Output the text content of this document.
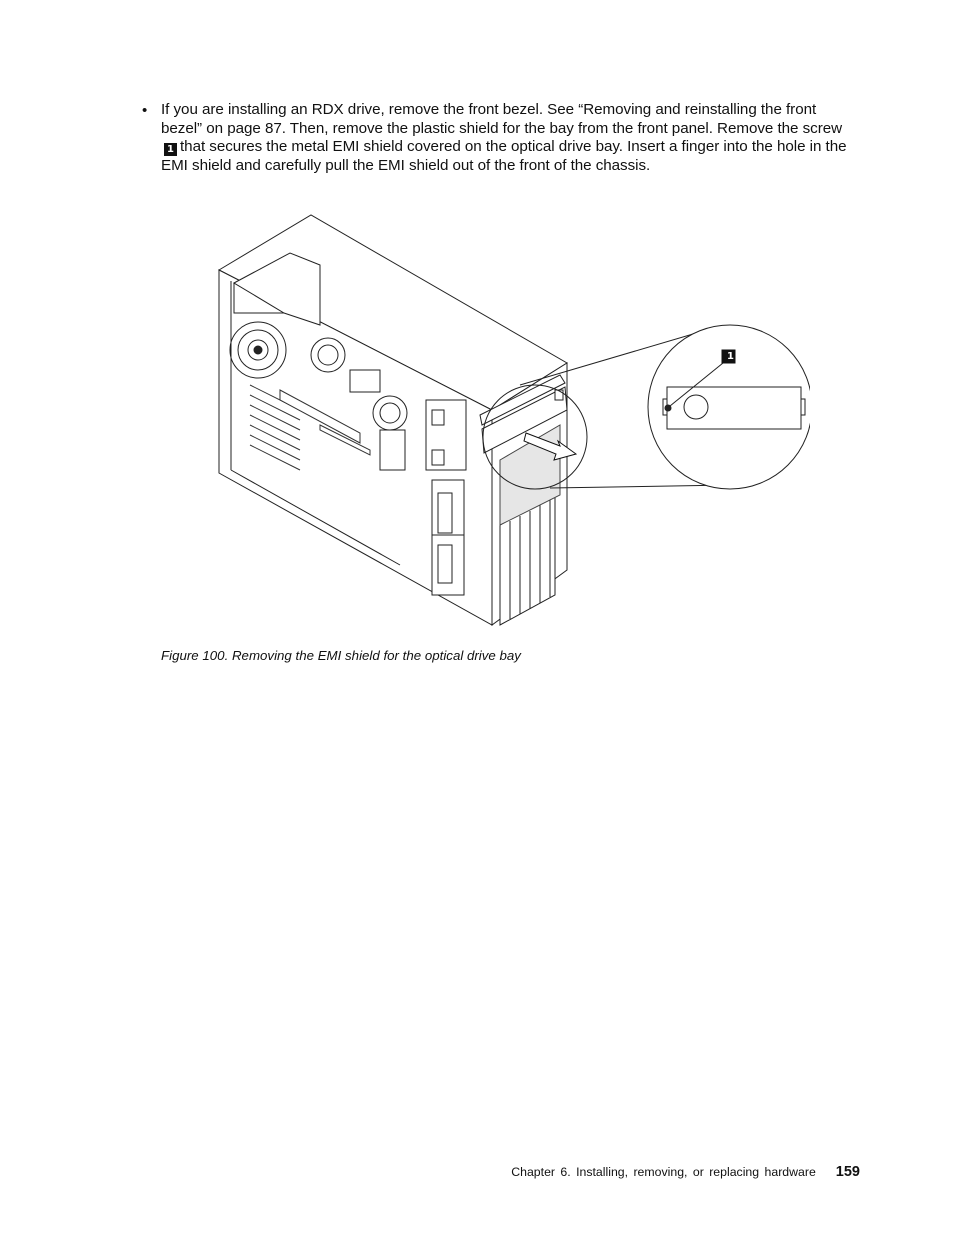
• If you are installing an RDX drive, remove the front bezel. See “Removing and reinstalling the front bezel” on page 87. Then, remove the plastic shield for the bay from the front panel. Remove the screw1 that secures the metal EMI shield covered on the optical drive bay. Insert a finger into the hole in the EMI shield and carefully pull the EMI shield out of the front of the chassis.
1
Figure 100. Removing the EMI shield for the optical drive bay
Chapter 6. Installing, removing, or replacing hardware 159
